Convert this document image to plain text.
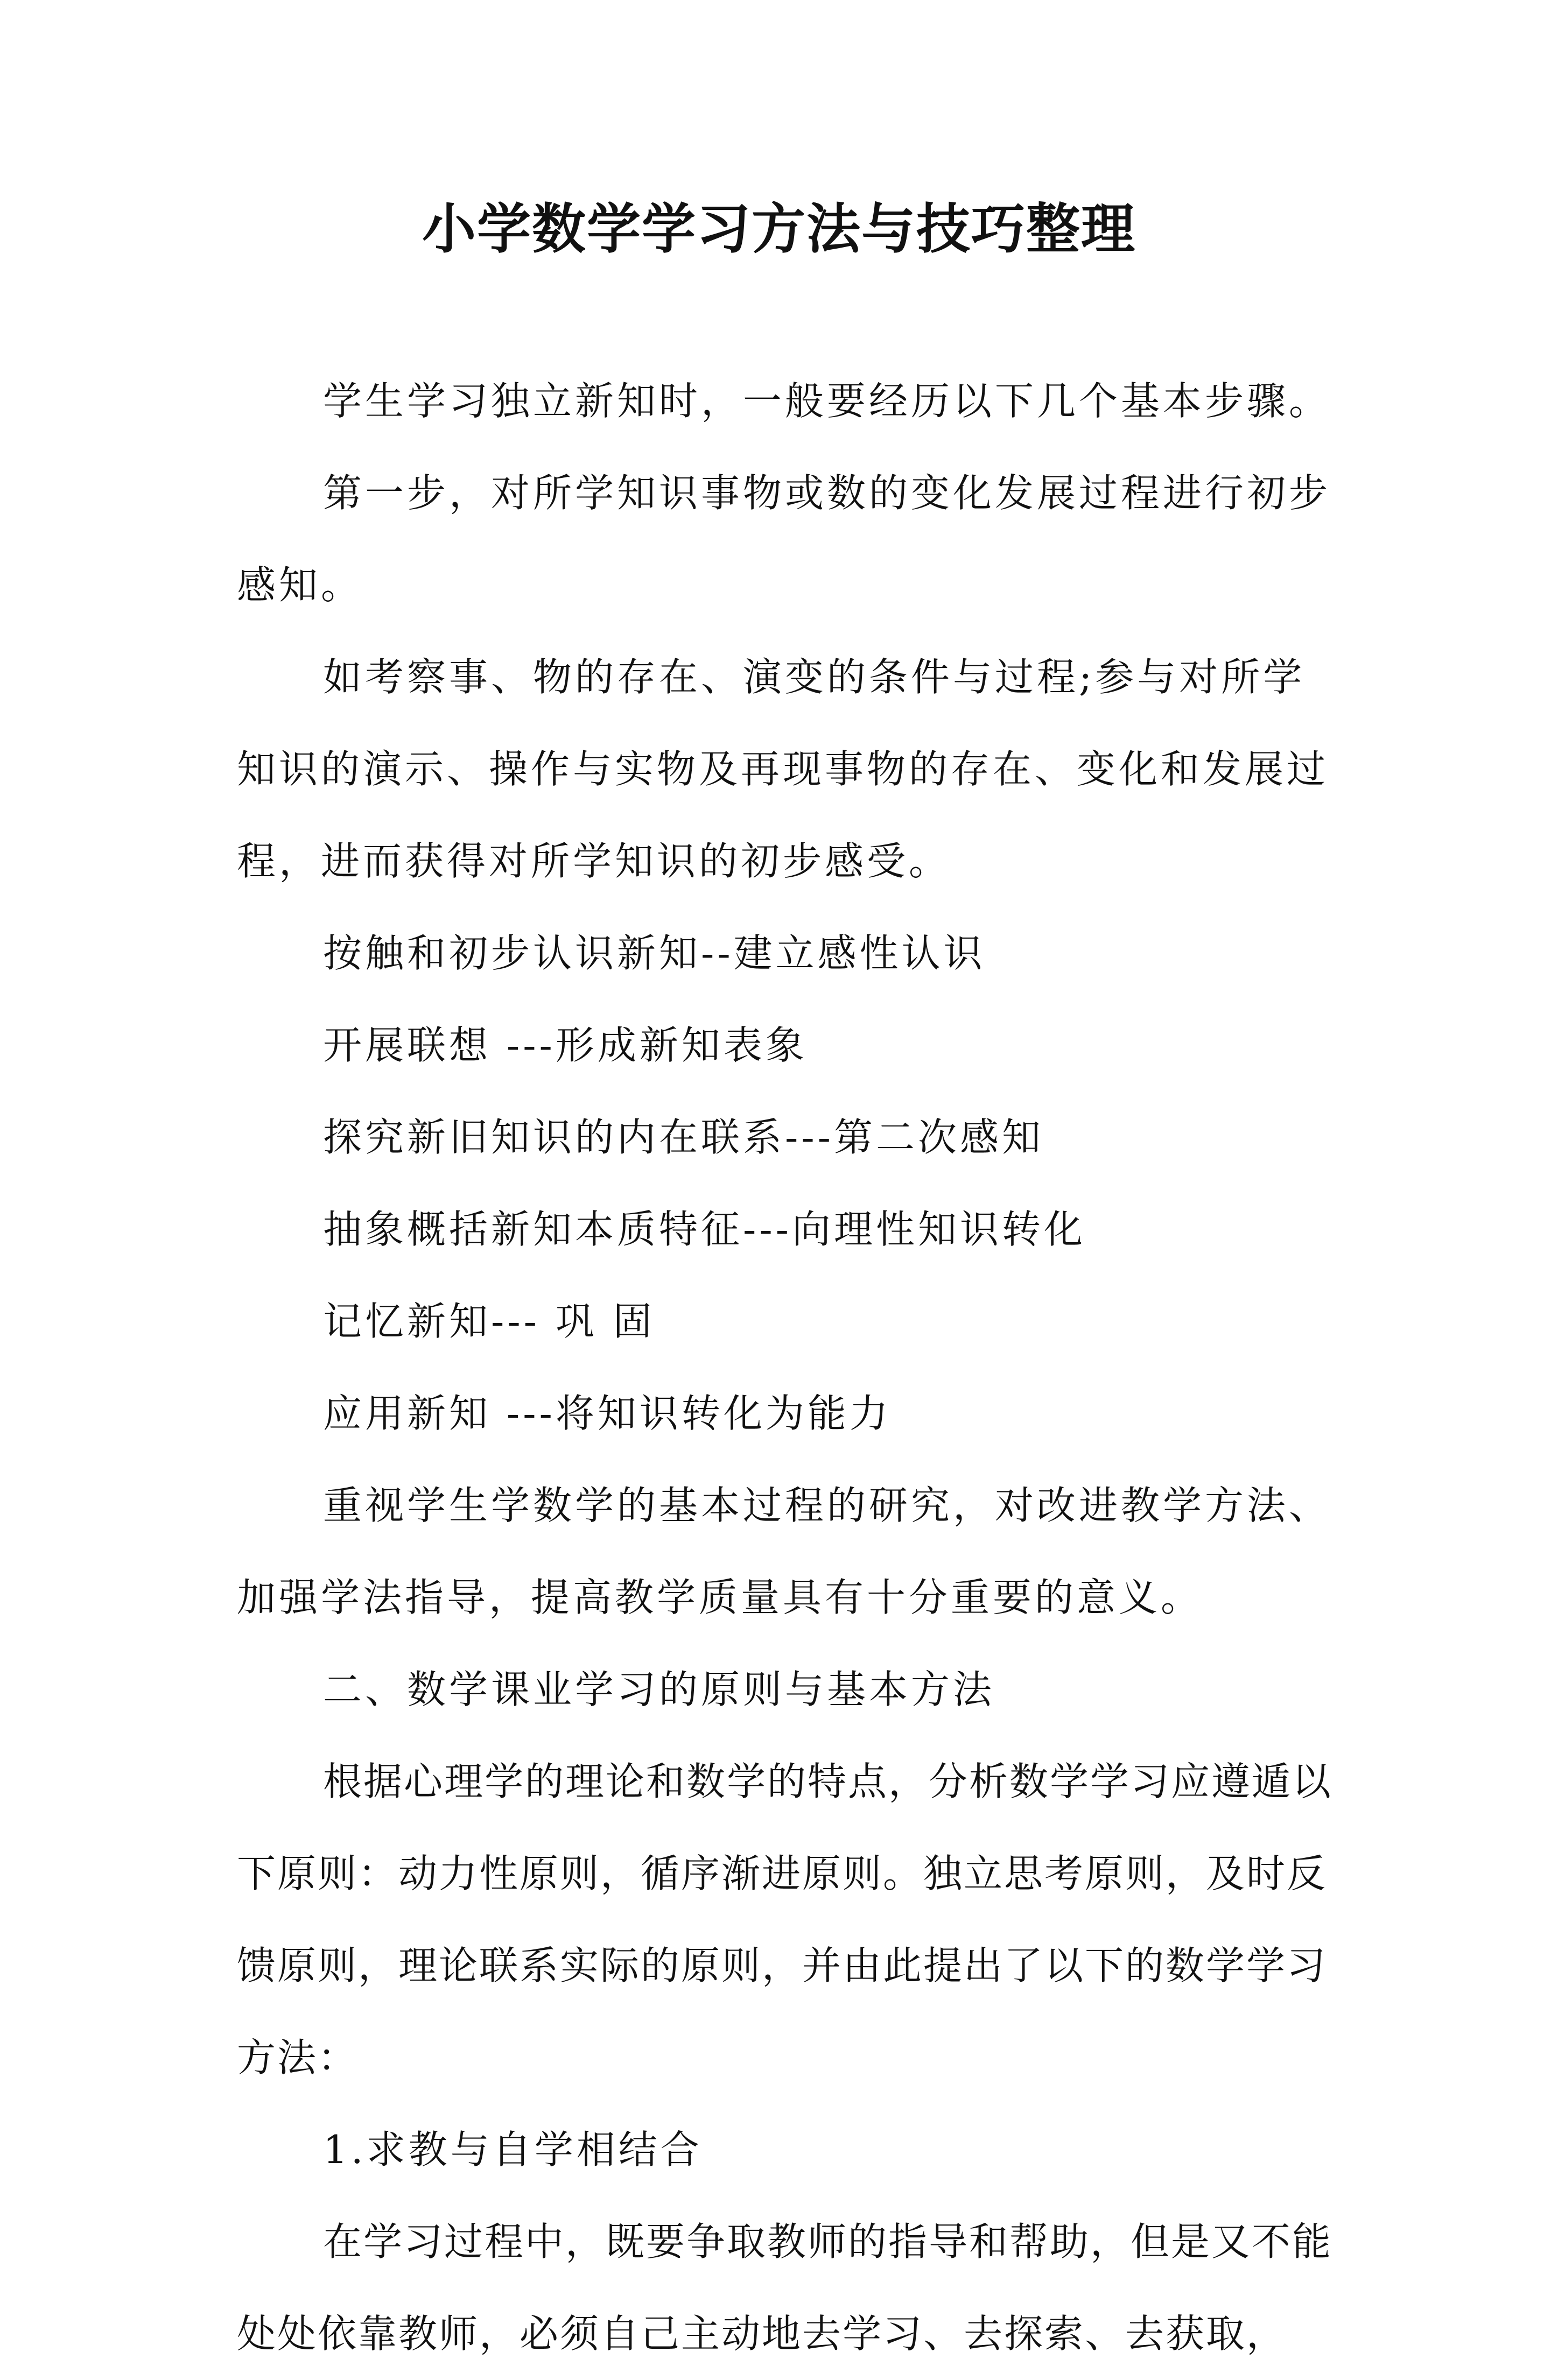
小学数学学习方法与技巧整理

学生学习独立新知时，一般要经历以下几个基本步骤。

第一步，对所学知识事物或数的变化发展过程进行初步感知。

如考察事、物的存在、演变的条件与过程;参与对所学知识的演示、操作与实物及再现事物的存在、变化和发展过程，进而获得对所学知识的初步感受。

按触和初步认识新知--建立感性认识

开展联想 ---形成新知表象

探究新旧知识的内在联系---第二次感知

抽象概括新知本质特征---向理性知识转化

记忆新知--- 巩 固

应用新知 ---将知识转化为能力

重视学生学数学的基本过程的研究，对改进教学方法、加强学法指导，提高教学质量具有十分重要的意义。

二、数学课业学习的原则与基本方法

根据心理学的理论和数学的特点，分析数学学习应遵遁以下原则：动力性原则，循序渐进原则。独立思考原则，及时反馈原则，理论联系实际的原则，并由此提出了以下的数学学习方法：

1.求教与自学相结合

在学习过程中，既要争取教师的指导和帮助，但是又不能处处依靠教师，必须自己主动地去学习、去探索、去获取，
